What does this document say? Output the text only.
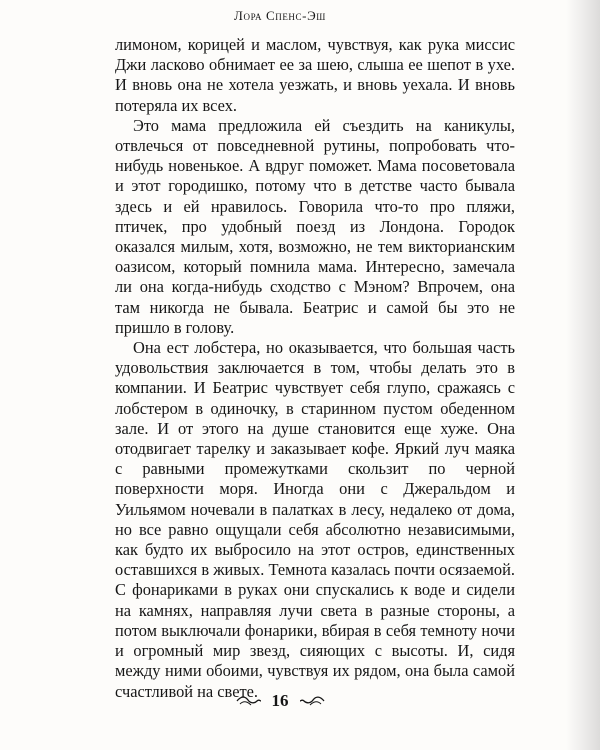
Лора Спенс-Эш

лимоном, корицей и маслом, чувствуя, как рука миссис Джи ласково обнимает ее за шею, слыша ее шепот в ухе. И вновь она не хотела уезжать, и вновь уехала. И вновь потеряла их всех.

Это мама предложила ей съездить на каникулы, отвлечься от повседневной рутины, попробовать что-нибудь новенькое. А вдруг поможет. Мама посоветовала и этот городишко, потому что в детстве часто бывала здесь и ей нравилось. Говорила что-то про пляжи, птичек, про удобный поезд из Лондона. Городок оказался милым, хотя, возможно, не тем викторианским оазисом, который помнила мама. Интересно, замечала ли она когда-нибудь сходство с Мэном? Впрочем, она там никогда не бывала. Беатрис и самой бы это не пришло в голову.

Она ест лобстера, но оказывается, что большая часть удовольствия заключается в том, чтобы делать это в компании. И Беатрис чувствует себя глупо, сражаясь с лобстером в одиночку, в старинном пустом обеденном зале. И от этого на душе становится еще хуже. Она отодвигает тарелку и заказывает кофе. Яркий луч маяка с равными промежутками скользит по черной поверхности моря. Иногда они с Джеральдом и Уильямом ночевали в палатках в лесу, недалеко от дома, но все равно ощущали себя абсолютно независимыми, как будто их выбросило на этот остров, единственных оставшихся в живых. Темнота казалась почти осязаемой. С фонариками в руках они спускались к воде и сидели на камнях, направляя лучи света в разные стороны, а потом выключали фонарики, вбирая в себя темноту ночи и огромный мир звезд, сияющих с высоты. И, сидя между ними обоими, чувствуя их рядом, она была самой счастливой на свете. 16
